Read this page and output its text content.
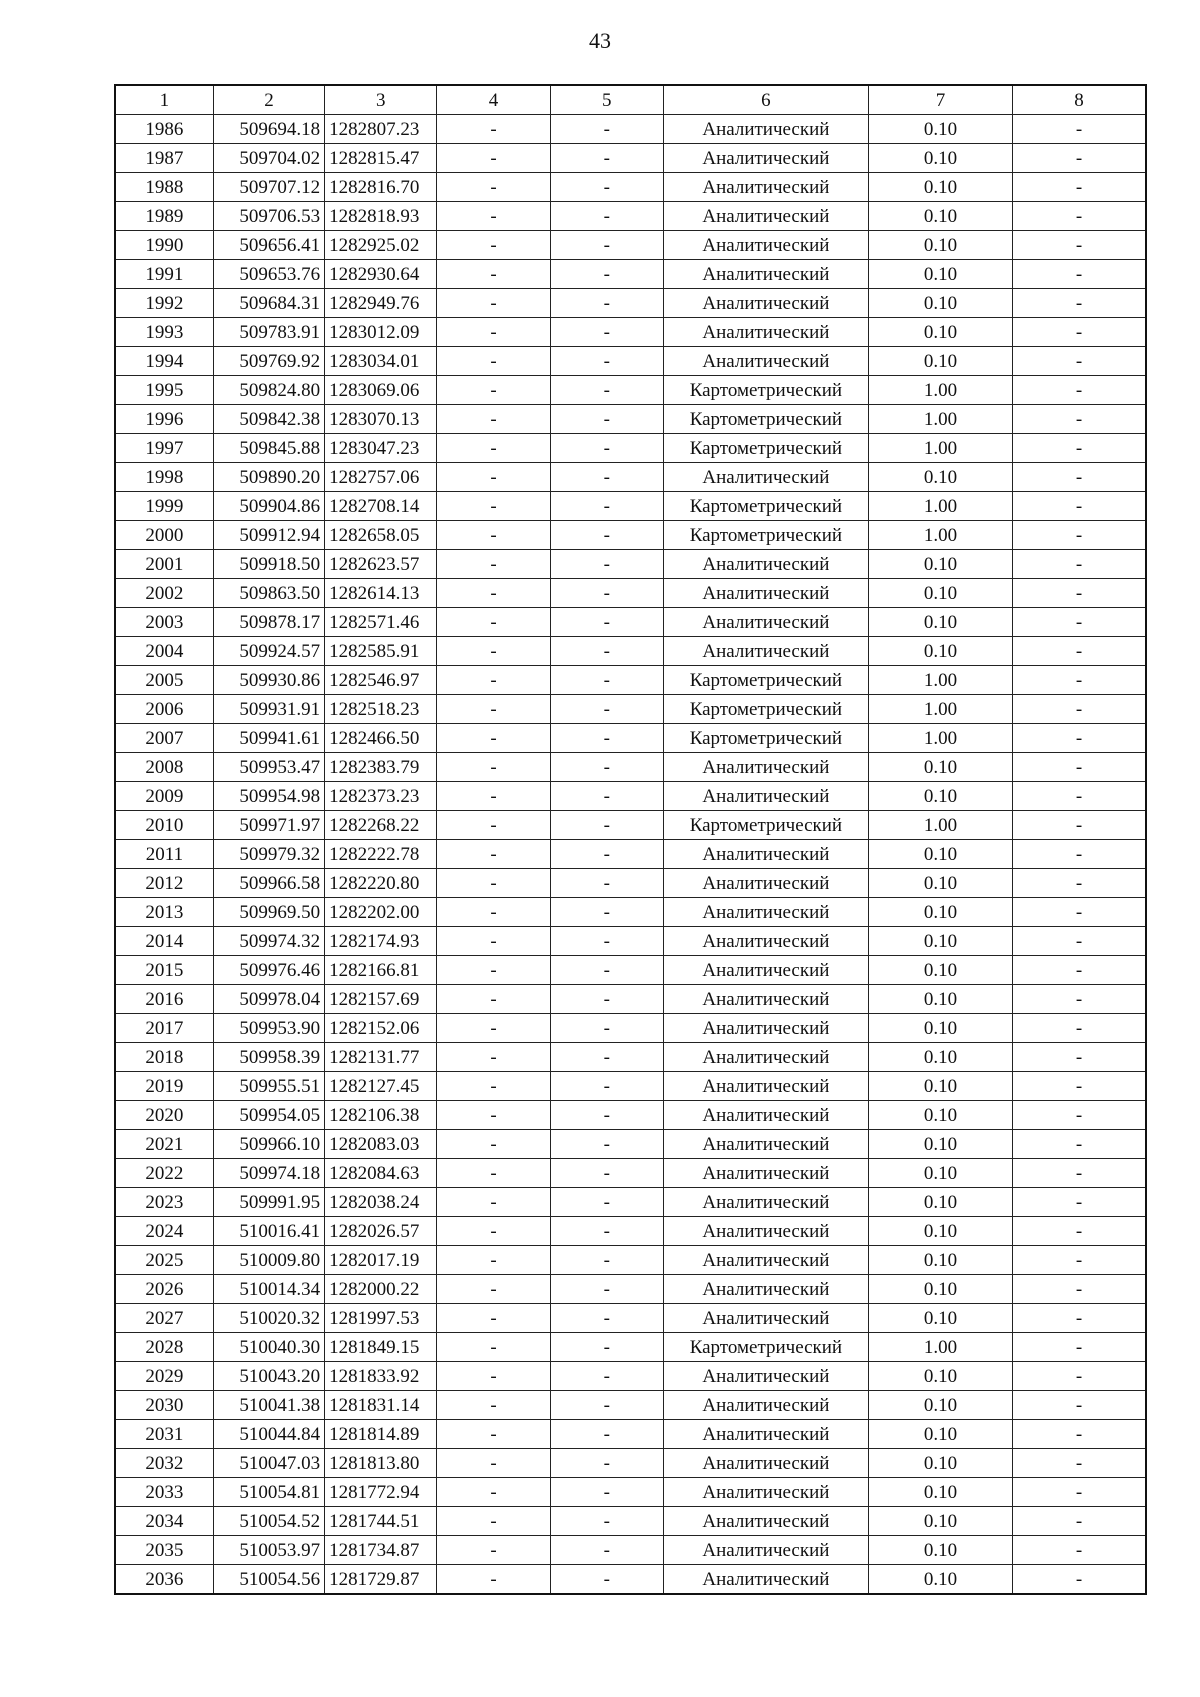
43
1	2	3	4	5	6	7	8
1986	509694.18	1282807.23	-	-	Аналитический	0.10	-
1987	509704.02	1282815.47	-	-	Аналитический	0.10	-
1988	509707.12	1282816.70	-	-	Аналитический	0.10	-
1989	509706.53	1282818.93	-	-	Аналитический	0.10	-
1990	509656.41	1282925.02	-	-	Аналитический	0.10	-
1991	509653.76	1282930.64	-	-	Аналитический	0.10	-
1992	509684.31	1282949.76	-	-	Аналитический	0.10	-
1993	509783.91	1283012.09	-	-	Аналитический	0.10	-
1994	509769.92	1283034.01	-	-	Аналитический	0.10	-
1995	509824.80	1283069.06	-	-	Картометрический	1.00	-
1996	509842.38	1283070.13	-	-	Картометрический	1.00	-
1997	509845.88	1283047.23	-	-	Картометрический	1.00	-
1998	509890.20	1282757.06	-	-	Аналитический	0.10	-
1999	509904.86	1282708.14	-	-	Картометрический	1.00	-
2000	509912.94	1282658.05	-	-	Картометрический	1.00	-
2001	509918.50	1282623.57	-	-	Аналитический	0.10	-
2002	509863.50	1282614.13	-	-	Аналитический	0.10	-
2003	509878.17	1282571.46	-	-	Аналитический	0.10	-
2004	509924.57	1282585.91	-	-	Аналитический	0.10	-
2005	509930.86	1282546.97	-	-	Картометрический	1.00	-
2006	509931.91	1282518.23	-	-	Картометрический	1.00	-
2007	509941.61	1282466.50	-	-	Картометрический	1.00	-
2008	509953.47	1282383.79	-	-	Аналитический	0.10	-
2009	509954.98	1282373.23	-	-	Аналитический	0.10	-
2010	509971.97	1282268.22	-	-	Картометрический	1.00	-
2011	509979.32	1282222.78	-	-	Аналитический	0.10	-
2012	509966.58	1282220.80	-	-	Аналитический	0.10	-
2013	509969.50	1282202.00	-	-	Аналитический	0.10	-
2014	509974.32	1282174.93	-	-	Аналитический	0.10	-
2015	509976.46	1282166.81	-	-	Аналитический	0.10	-
2016	509978.04	1282157.69	-	-	Аналитический	0.10	-
2017	509953.90	1282152.06	-	-	Аналитический	0.10	-
2018	509958.39	1282131.77	-	-	Аналитический	0.10	-
2019	509955.51	1282127.45	-	-	Аналитический	0.10	-
2020	509954.05	1282106.38	-	-	Аналитический	0.10	-
2021	509966.10	1282083.03	-	-	Аналитический	0.10	-
2022	509974.18	1282084.63	-	-	Аналитический	0.10	-
2023	509991.95	1282038.24	-	-	Аналитический	0.10	-
2024	510016.41	1282026.57	-	-	Аналитический	0.10	-
2025	510009.80	1282017.19	-	-	Аналитический	0.10	-
2026	510014.34	1282000.22	-	-	Аналитический	0.10	-
2027	510020.32	1281997.53	-	-	Аналитический	0.10	-
2028	510040.30	1281849.15	-	-	Картометрический	1.00	-
2029	510043.20	1281833.92	-	-	Аналитический	0.10	-
2030	510041.38	1281831.14	-	-	Аналитический	0.10	-
2031	510044.84	1281814.89	-	-	Аналитический	0.10	-
2032	510047.03	1281813.80	-	-	Аналитический	0.10	-
2033	510054.81	1281772.94	-	-	Аналитический	0.10	-
2034	510054.52	1281744.51	-	-	Аналитический	0.10	-
2035	510053.97	1281734.87	-	-	Аналитический	0.10	-
2036	510054.56	1281729.87	-	-	Аналитический	0.10	-
